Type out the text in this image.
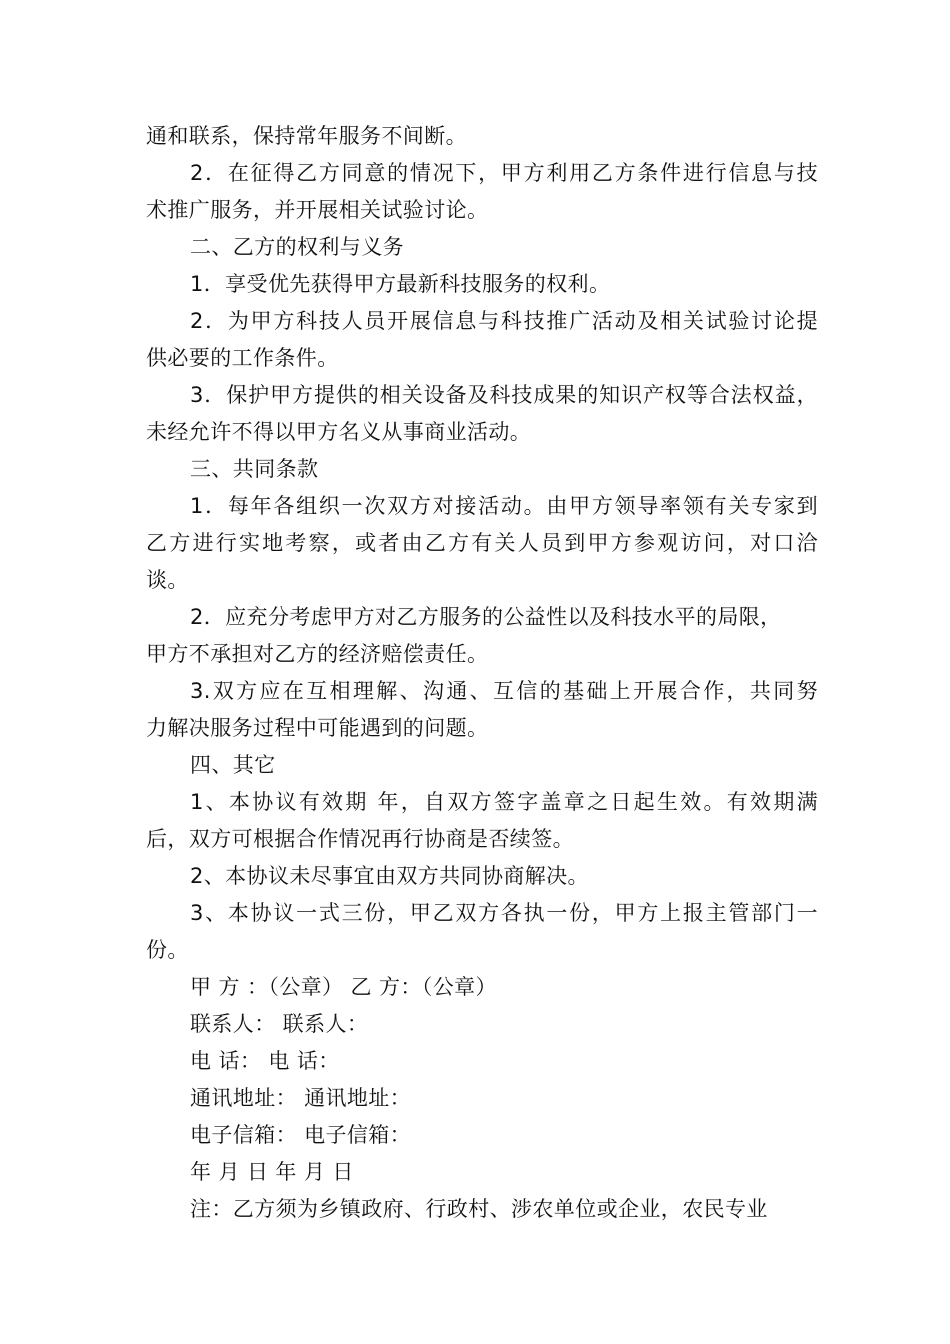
通和联系，保持常年服务不间断。
2．在征得乙方同意的情况下，甲方利用乙方条件进行信息与技
术推广服务，并开展相关试验讨论。
二、乙方的权利与义务
1．享受优先获得甲方最新科技服务的权利。
2．为甲方科技人员开展信息与科技推广活动及相关试验讨论提
供必要的工作条件。
3．保护甲方提供的相关设备及科技成果的知识产权等合法权益，
未经允许不得以甲方名义从事商业活动。
三、共同条款
1．每年各组织一次双方对接活动。由甲方领导率领有关专家到
乙方进行实地考察，或者由乙方有关人员到甲方参观访问，对口洽
谈。
2．应充分考虑甲方对乙方服务的公益性以及科技水平的局限，
甲方不承担对乙方的经济赔偿责任。
3.双方应在互相理解、沟通、互信的基础上开展合作，共同努
力解决服务过程中可能遇到的问题。
四、其它
1、本协议有效期 年，自双方签字盖章之日起生效。有效期满
后，双方可根据合作情况再行协商是否续签。
2、本协议未尽事宜由双方共同协商解决。
3、本协议一式三份，甲乙双方各执一份，甲方上报主管部门一
份。
甲 方 ：（公章） 乙 方：（公章）
联系人： 联系人：
电 话： 电 话：
通讯地址： 通讯地址：
电子信箱： 电子信箱：
年 月 日 年 月 日
注：乙方须为乡镇政府、行政村、涉农单位或企业，农民专业
